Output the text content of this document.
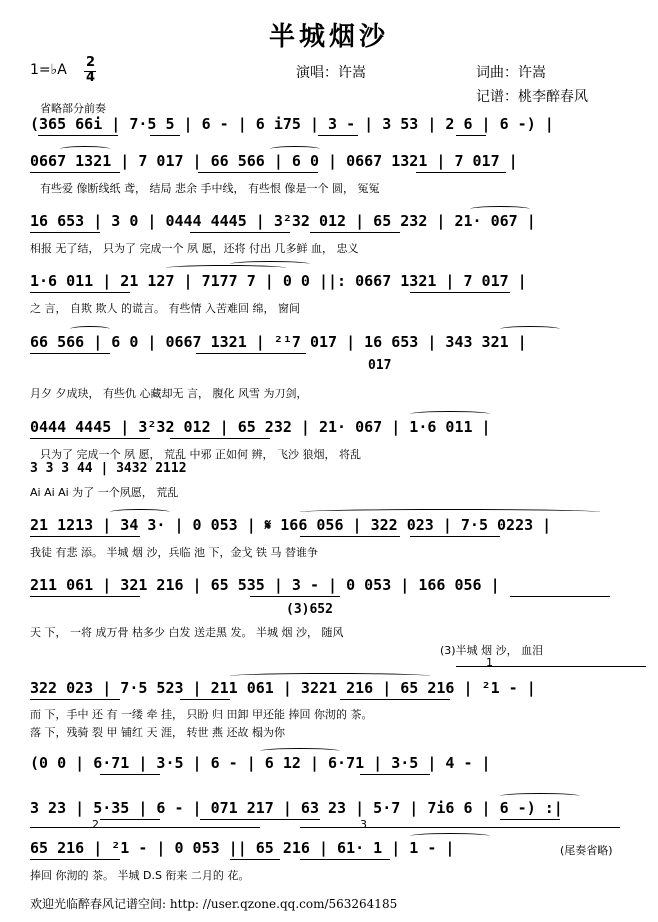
半城烟沙
1=♭A 2
4	演唱：许嵩	词曲：许嵩
记谱：桃李醉春风
省略部分前奏
(365 66i | 7·5 5 | 6 - | 6 i75 | 3 - | 3 53 | 2 6 | 6 -) |
0667 1321 | 7 017 | 66 566 | 6 0 | 0667 1321 | 7 017 |
有些爱 像断线纸 鸢， 结局 悲余 手中线， 有些恨 像是一个 圆， 冤冤
16 653 | 3 0 | 0444 4445 | 3²32 012 | 65 232 | 21· 067 |
相报 无了结， 只为了 完成一个 夙 愿，还将 付出 几多鲜 血， 忠义
1·6 011 | 21 127 | 7177 7 | 0 0 ||: 0667 1321 | 7 017 |
之 言， 自欺 欺人 的谎言。 有些情 入苦难回 绵， 窗间
66 566 | 6 0 | 0667 1321 | ²¹7 017 | 16 653 | 343 321 |
017
月夕 夕成玦， 有些仇 心藏却无 言， 腹化 风雪 为刀剑，
0444 4445 | 3²32 012 | 65 232 | 21· 067 | 1·6 011 |
只为了 完成一个 夙 愿， 荒乱 中邪 正如何 辨， 飞沙 狼烟， 将乱
3 3 3 44 | 3432 2112
Ai Ai Ai 为了 一个夙愿， 荒乱
21 1213 | 34 3· | 0 053 | 𝄋 166 056 | 322 023 | 7·5 0223 |
我徒 有悲 添。 半城 烟 沙，兵临 池 下，金戈 铁 马 替谁争
211 061 | 321 216 | 65 535 | 3 - | 0 053 | 166 056 |
(3)652
天 下， 一将 成万骨 枯多少 白发 送走黑 发。 半城 烟 沙， 随风
(3)半城 烟 沙， 血泪
1
322 023 | 7·5 523 | 211 061 | 3221 216 | 65 216 | ²1 - |
而 下，手中 还 有 一缕 牵 挂， 只盼 归 田卸 甲还能 捧回 你沏的 茶。
落 下，残骑 裂 甲 铺红 天 涯， 转世 燕 还故 榻为你
(0 0 | 6·71 | 3·5 | 6 - | 6 12 | 6·71 | 3·5 | 4 - |
3 23 | 5·35 | 6 - | 071 217 | 63 23 | 5·7 | 7i6 6 | 6 -) :|
2	3
65 216 | ²1 - | 0 053 || 65 216 | 61· 1 | 1 - |	(尾奏省略)
捧回 你沏的 茶。 半城 D.S 衔来 二月的 花。
欢迎光临醉春风记谱空间: http: //user.qzone.qq.com/563264185
